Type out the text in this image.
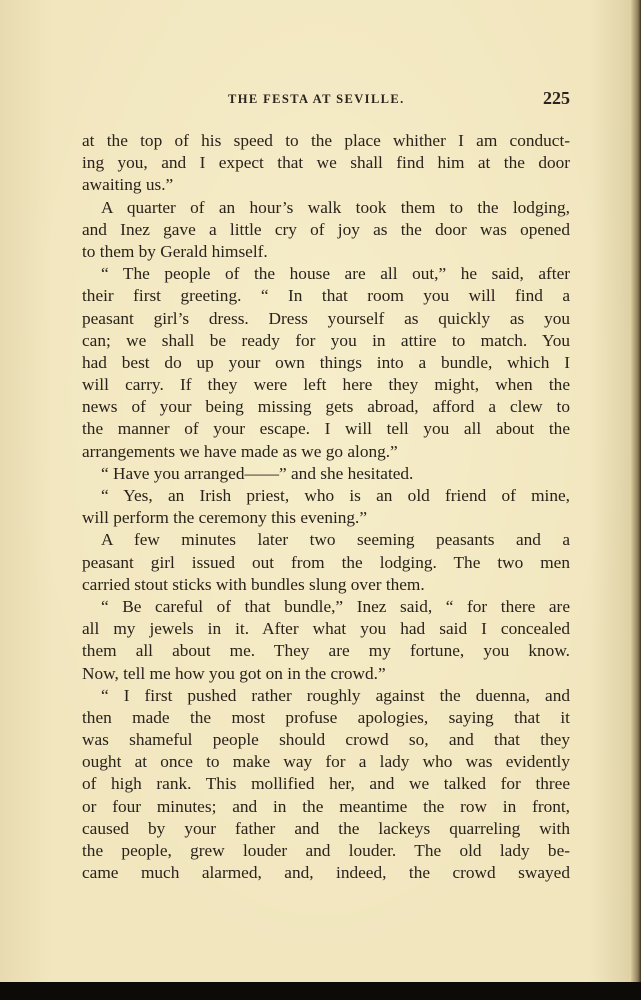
THE FESTA AT SEVILLE.	225
at the top of his speed to the place whither I am conduct-
ing you, and I expect that we shall find him at the door
awaiting us.”
A quarter of an hour’s walk took them to the lodging,
and Inez gave a little cry of joy as the door was opened
to them by Gerald himself.
“ The people of the house are all out,” he said, after
their first greeting. “ In that room you will find a
peasant girl’s dress. Dress yourself as quickly as you
can; we shall be ready for you in attire to match. You
had best do up your own things into a bundle, which I
will carry. If they were left here they might, when the
news of your being missing gets abroad, afford a clew to
the manner of your escape. I will tell you all about the
arrangements we have made as we go along.”
“ Have you arranged——” and she hesitated.
“ Yes, an Irish priest, who is an old friend of mine,
will perform the ceremony this evening.”
A few minutes later two seeming peasants and a
peasant girl issued out from the lodging. The two men
carried stout sticks with bundles slung over them.
“ Be careful of that bundle,” Inez said, “ for there are
all my jewels in it. After what you had said I concealed
them all about me. They are my fortune, you know.
Now, tell me how you got on in the crowd.”
“ I first pushed rather roughly against the duenna, and
then made the most profuse apologies, saying that it
was shameful people should crowd so, and that they
ought at once to make way for a lady who was evidently
of high rank. This mollified her, and we talked for three
or four minutes; and in the meantime the row in front,
caused by your father and the lackeys quarreling with
the people, grew louder and louder. The old lady be-
came much alarmed, and, indeed, the crowd swayed
